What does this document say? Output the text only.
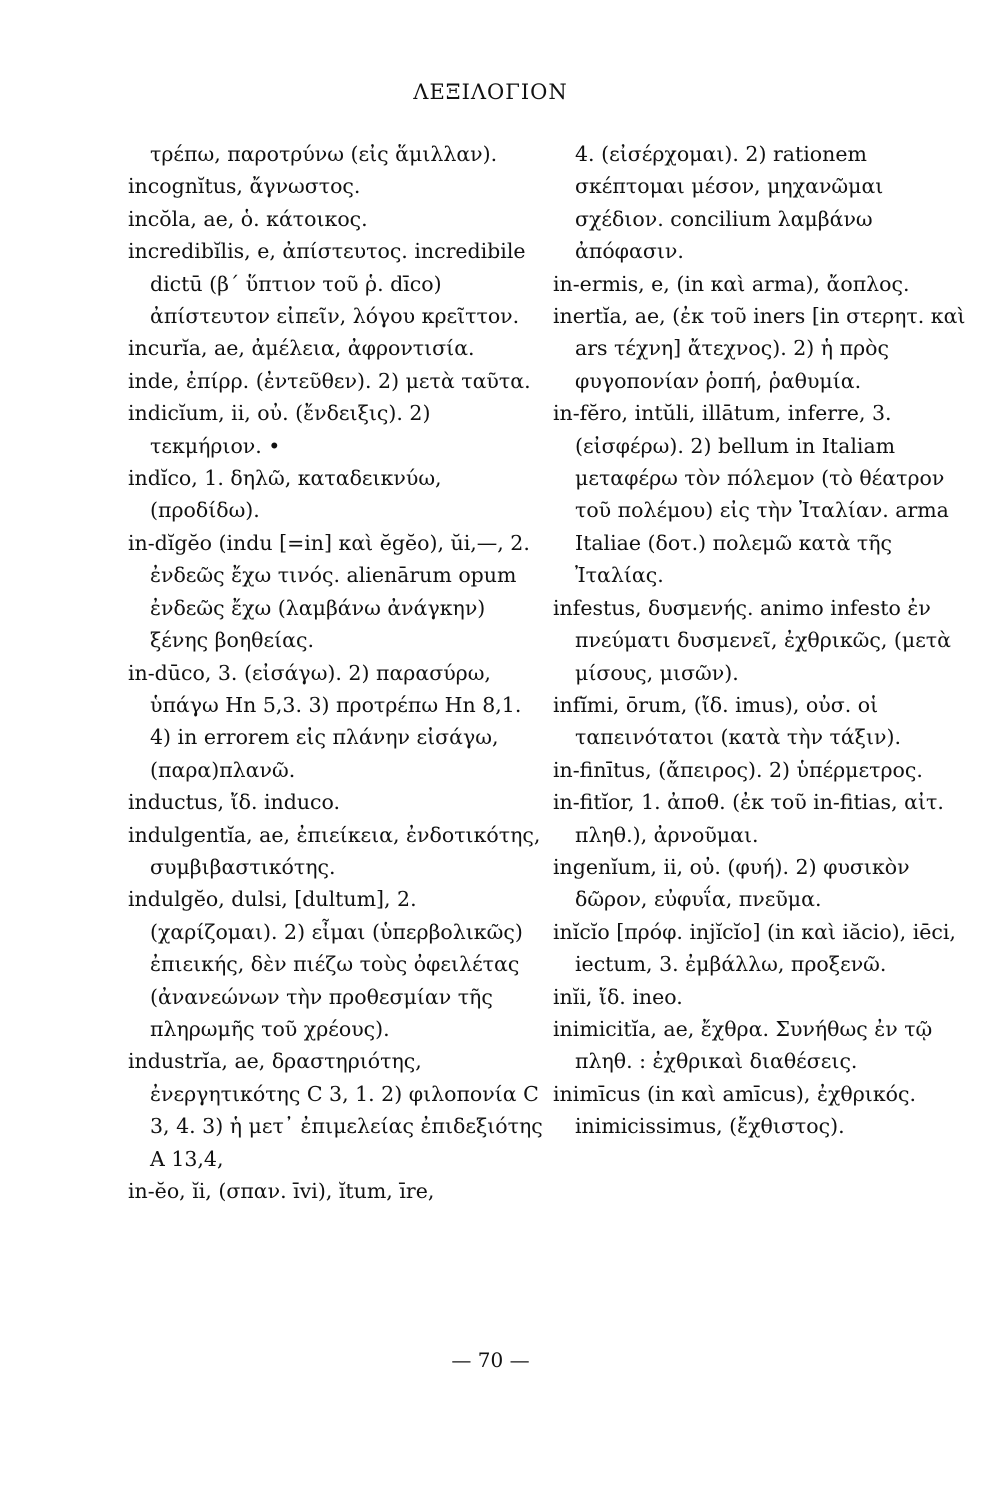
ΛΕΞΙΛΟΓΙΟΝ
τρέπω, παροτρύνω (εἰς ἅμιλλαν).
incognĭtus, ἄγνωστος.
incŏla, ae, ὁ. κάτοικος.
incredibĭlis, e, ἀπίστευτος. incredibile dictū (β΄ ὕπτιον τοῦ ῥ. dīco) ἀπίστευτον εἰπεῖν, λόγου κρεῖττον.
incurĭa, ae, ἀμέλεια, ἀφροντισία.
inde, ἐπίρρ. (ἐντεῦθεν). 2) μετὰ ταῦτα.
indicĭum, ii, οὐ. (ἔνδειξις). 2) τεκμήριον. •
indĭco, 1. δηλῶ, καταδεικνύω, (προδίδω).
in-dĭgĕo (indu [=in] καὶ ĕgĕo), ŭi,—, 2. ἐνδεῶς ἔχω τινός. alienārum opum ἐνδεῶς ἔχω (λαμβάνω ἀνάγκην) ξένης βοηθείας.
in-dūco, 3. (εἰσάγω). 2) παρασύρω, ὑπάγω Ηn 5,3. 3) προτρέπω Ηn 8,1. 4) in errorem εἰς πλάνην εἰσάγω, (παρα)πλανῶ.
inductus, ἴδ. induco.
indulgentĭa, ae, ἐπιείκεια, ἐνδοτικότης, συμβιβαστικότης.
indulgĕo, dulsi, [dultum], 2. (χαρίζομαι). 2) εἶμαι (ὑπερβολικῶς) ἐπιεικής, δὲν πιέζω τοὺς ὀφειλέτας (ἀνανεώνων τὴν προθεσμίαν τῆς πληρωμῆς τοῦ χρέους).
industrĭa, ae, δραστηριότης, ἐνεργητικότης C 3, 1. 2) φιλοπονία C 3, 4. 3) ἡ μετ᾽ ἐπιμελείας ἐπιδεξιότης Α 13,4,
in-ĕo, ĭi, (σπαν. īvi), ĭtum, īre,
4. (εἰσέρχομαι). 2) rationem σκέπτομαι μέσον, μηχανῶμαι σχέδιον. concilium λαμβάνω ἀπόφασιν.
in-ermis, e, (in καὶ arma), ἄοπλος.
inertĭa, ae, (ἐκ τοῦ iners [in στερητ. καὶ ars τέχνη] ἄτεχνος). 2) ἡ πρὸς φυγοπονίαν ῥοπή, ῥαθυμία.
in-fĕro, intŭli, illātum, inferre, 3. (εἰσφέρω). 2) bellum in Italiam μεταφέρω τὸν πόλεμον (τὸ θέατρον τοῦ πολέμου) εἰς τὴν Ἰταλίαν. arma Italiae (δοτ.) πολεμῶ κατὰ τῆς Ἰταλίας.
infestus, δυσμενής. animo infesto ἐν πνεύματι δυσμενεῖ, ἐχθρικῶς, (μετὰ μίσους, μισῶν).
infĭmi, ōrum, (ἴδ. imus), οὐσ. οἱ ταπεινότατοι (κατὰ τὴν τάξιν).
in-finītus, (ἄπειρος). 2) ὑπέρμετρος.
in-fitĭor, 1. ἀποθ. (ἐκ τοῦ in-fitias, αἰτ. πληθ.), ἀρνοῦμαι.
ingenĭum, ii, οὐ. (φυή). 2) φυσικὸν δῶρον, εὐφυΐα, πνεῦμα.
inĭcĭo [πρόφ. injĭcĭo] (in καὶ iăcio), iēci, iectum, 3. ἐμβάλλω, προξενῶ.
inĭi, ἴδ. ineo.
inimicitĭa, ae, ἔχθρα. Συνήθως ἐν τῷ πληθ. : ἐχθρικαὶ διαθέσεις.
inimīcus (in καὶ amīcus), ἐχθρικός. inimicissimus, (ἔχθιστος).
— 70 —
